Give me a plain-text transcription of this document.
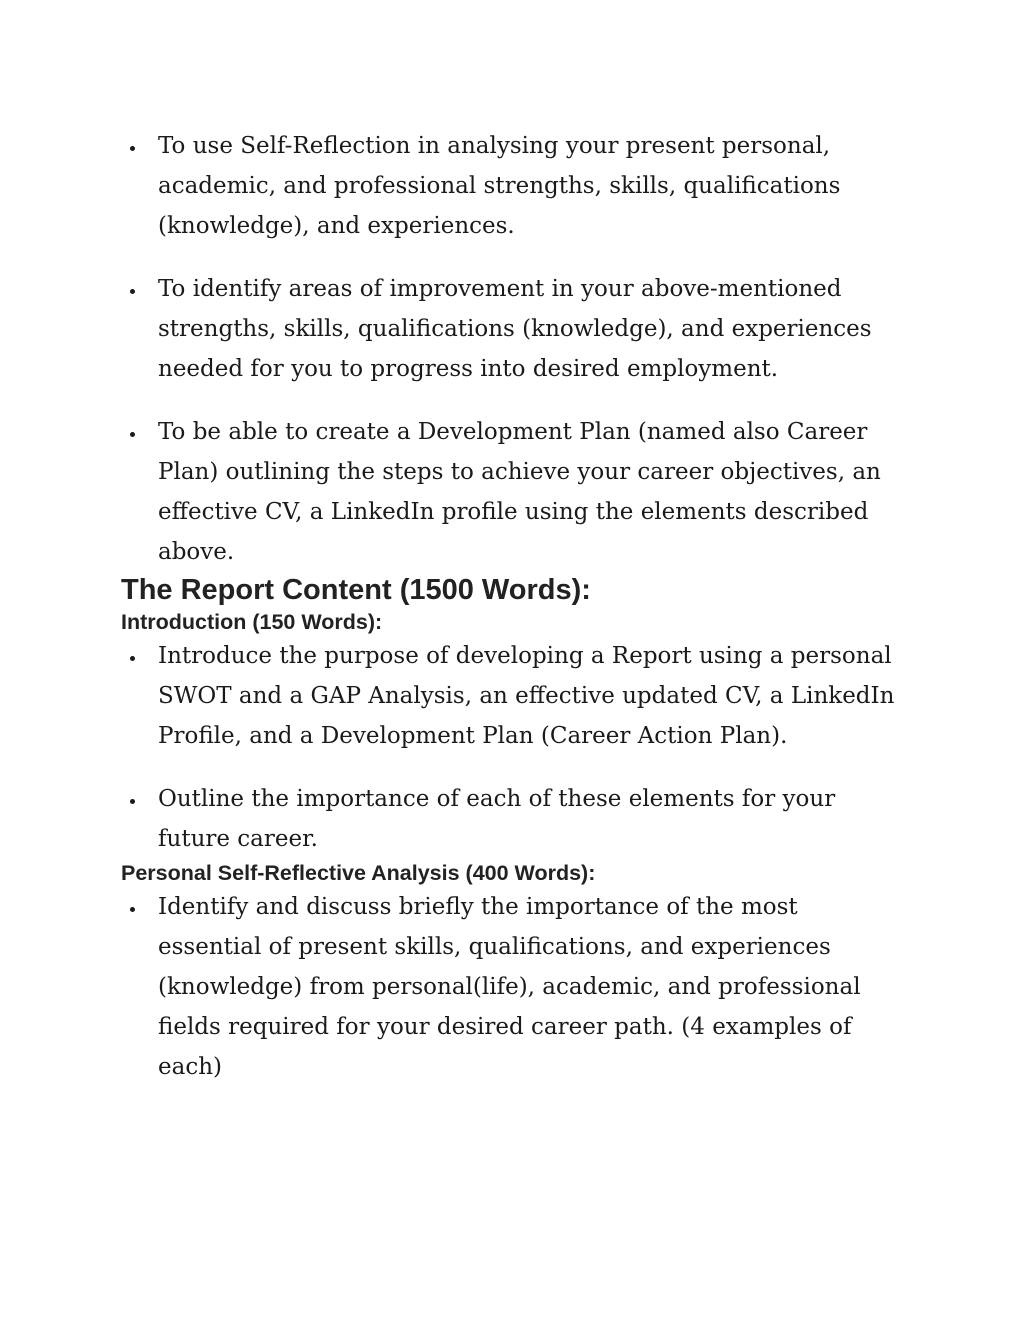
To use Self-Reflection in analysing your present personal, academic, and professional strengths, skills, qualifications (knowledge), and experiences.
To identify areas of improvement in your above-mentioned strengths, skills, qualifications (knowledge), and experiences needed for you to progress into desired employment.
To be able to create a Development Plan (named also Career Plan) outlining the steps to achieve your career objectives, an effective CV, a LinkedIn profile using the elements described above.
The Report Content (1500 Words):
Introduction (150 Words):
Introduce the purpose of developing a Report using a personal SWOT and a GAP Analysis, an effective updated CV, a LinkedIn Profile, and a Development Plan (Career Action Plan).
Outline the importance of each of these elements for your future career.
Personal Self-Reflective Analysis (400 Words):
Identify and discuss briefly the importance of the most essential of present skills, qualifications, and experiences (knowledge) from personal(life), academic, and professional fields required for your desired career path. (4 examples of each)
